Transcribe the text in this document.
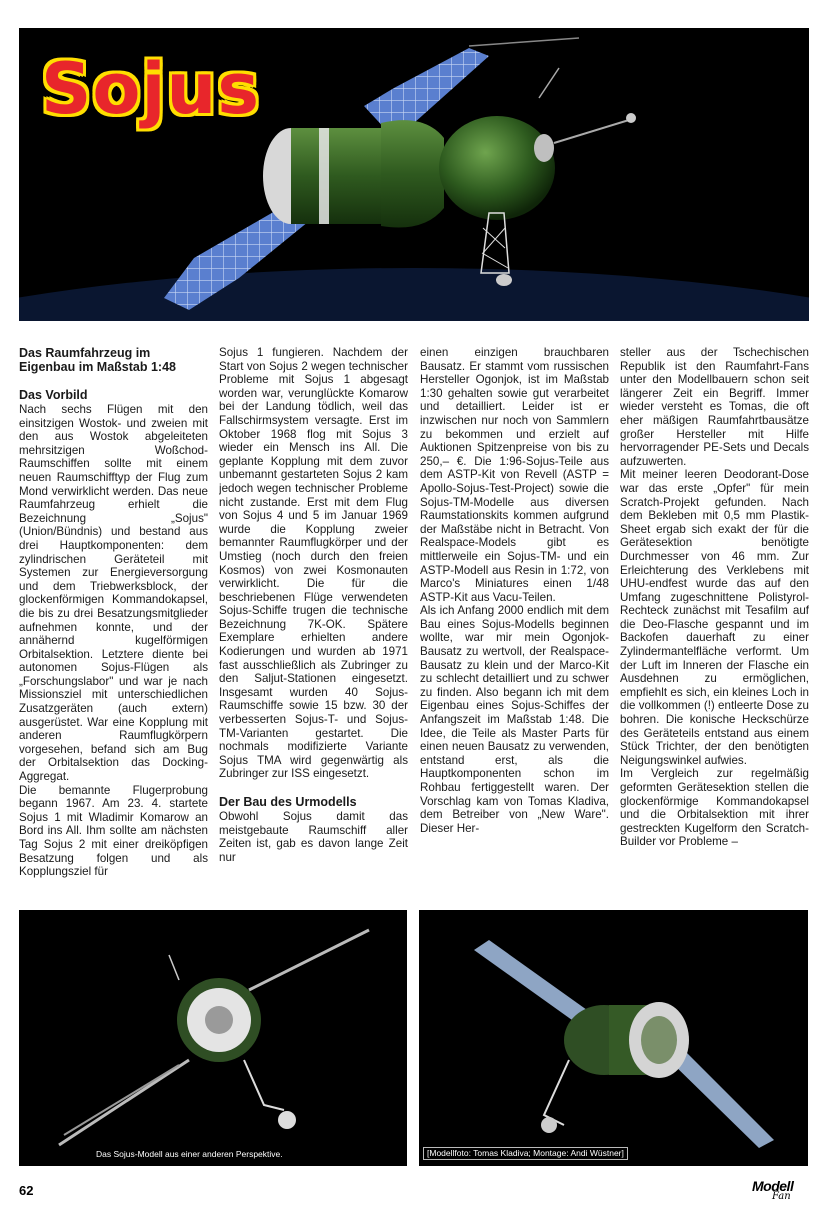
Sojus

Das Raumfahrzeug im Eigenbau im Maßstab 1:48

Das Vorbild

Nach sechs Flügen mit den einsitzigen Wostok- und zweien mit den aus Wostok abgeleiteten mehrsitzigen Woßchod-Raumschiffen sollte mit einem neuen Raumschifftyp der Flug zum Mond verwirklicht werden. Das neue Raumfahrzeug erhielt die Bezeichnung „Sojus" (Union/Bündnis) und bestand aus drei Hauptkomponenten: dem zylindrischen Geräteteil mit Systemen zur Energieversorgung und dem Triebwerksblock, der glockenförmigen Kommandokapsel, die bis zu drei Besatzungsmitglieder aufnehmen konnte, und der annähernd kugelförmigen Orbitalsektion. Letztere diente bei autonomen Sojus-Flügen als „Forschungslabor" und war je nach Missionsziel mit unterschiedlichen Zusatzgeräten (auch extern) ausgerüstet. War eine Kopplung mit anderen Raumflugkörpern vorgesehen, befand sich am Bug der Orbitalsektion das Docking-Aggregat.

Die bemannte Flugerprobung begann 1967. Am 23. 4. startete Sojus 1 mit Wladimir Komarow an Bord ins All. Ihm sollte am nächsten Tag Sojus 2 mit einer dreiköpfigen Besatzung folgen und als Kopplungsziel für

Sojus 1 fungieren. Nachdem der Start von Sojus 2 wegen technischer Probleme mit Sojus 1 abgesagt worden war, verunglückte Komarow bei der Landung tödlich, weil das Fallschirmsystem versagte. Erst im Oktober 1968 flog mit Sojus 3 wieder ein Mensch ins All. Die geplante Kopplung mit dem zuvor unbemannt gestarteten Sojus 2 kam jedoch wegen technischer Probleme nicht zustande. Erst mit dem Flug von Sojus 4 und 5 im Januar 1969 wurde die Kopplung zweier bemannter Raumflugkörper und der Umstieg (noch durch den freien Kosmos) von zwei Kosmonauten verwirklicht. Die für die beschriebenen Flüge verwendeten Sojus-Schiffe trugen die technische Bezeichnung 7K-OK. Spätere Exemplare erhielten andere Kodierungen und wurden ab 1971 fast ausschließlich als Zubringer zu den Saljut-Stationen eingesetzt. Insgesamt wurden 40 Sojus-Raumschiffe sowie 15 bzw. 30 der verbesserten Sojus-T- und Sojus-TM-Varianten gestartet. Die nochmals modifizierte Variante Sojus TMA wird gegenwärtig als Zubringer zur ISS eingesetzt.

Der Bau des Urmodells

Obwohl Sojus damit das meistgebaute Raumschiff aller Zeiten ist, gab es davon lange Zeit nur

einen einzigen brauchbaren Bausatz. Er stammt vom russischen Hersteller Ogonjok, ist im Maßstab 1:30 gehalten sowie gut verarbeitet und detailliert. Leider ist er inzwischen nur noch von Sammlern zu bekommen und erzielt auf Auktionen Spitzenpreise von bis zu 250,– €. Die 1:96-Sojus-Teile aus dem ASTP-Kit von Revell (ASTP = Apollo-Sojus-Test-Project) sowie die Sojus-TM-Modelle aus diversen Raumstationskits kommen aufgrund der Maßstäbe nicht in Betracht. Von Realspace-Models gibt es mittlerweile ein Sojus-TM- und ein ASTP-Modell aus Resin in 1:72, von Marco's Miniatures einen 1/48 ASTP-Kit aus Vacu-Teilen.

Als ich Anfang 2000 endlich mit dem Bau eines Sojus-Modells beginnen wollte, war mir mein Ogonjok-Bausatz zu wertvoll, der Realspace-Bausatz zu klein und der Marco-Kit zu schlecht detailliert und zu schwer zu finden. Also begann ich mit dem Eigenbau eines Sojus-Schiffes der Anfangszeit im Maßstab 1:48. Die Idee, die Teile als Master Parts für einen neuen Bausatz zu verwenden, entstand erst, als die Hauptkomponenten schon im Rohbau fertiggestellt waren. Der Vorschlag kam von Tomas Kladiva, dem Betreiber von „New Ware". Dieser Her-

steller aus der Tschechischen Republik ist den Raumfahrt-Fans unter den Modellbauern schon seit längerer Zeit ein Begriff. Immer wieder versteht es Tomas, die oft eher mäßigen Raumfahrtbausätze großer Hersteller mit Hilfe hervorragender PE-Sets und Decals aufzuwerten.

Mit meiner leeren Deodorant-Dose war das erste „Opfer" für mein Scratch-Projekt gefunden. Nach dem Bekleben mit 0,5 mm Plastik-Sheet ergab sich exakt der für die Gerätesektion benötigte Durchmesser von 46 mm. Zur Erleichterung des Verklebens mit UHU-endfest wurde das auf den Umfang zugeschnittene Polistyrol-Rechteck zunächst mit Tesafilm auf die Deo-Flasche gespannt und im Backofen dauerhaft zu einer Zylindermantelfläche verformt. Um der Luft im Inneren der Flasche ein Ausdehnen zu ermöglichen, empfiehlt es sich, ein kleines Loch in die vollkommen (!) entleerte Dose zu bohren. Die konische Heckschürze des Geräteteils entstand aus einem Stück Trichter, der den benötigten Neigungswinkel aufwies.

Im Vergleich zur regelmäßig geformten Gerätesektion stellen die glockenförmige Kommandokapsel und die Orbitalsektion mit ihrer gestreckten Kugelform den Scratch-Builder vor Probleme –

Das Sojus-Modell aus einer anderen Perspektive.	[Modellfoto: Tomas Kladiva; Montage: Andi Wüstner]
62	Modell
Fan
